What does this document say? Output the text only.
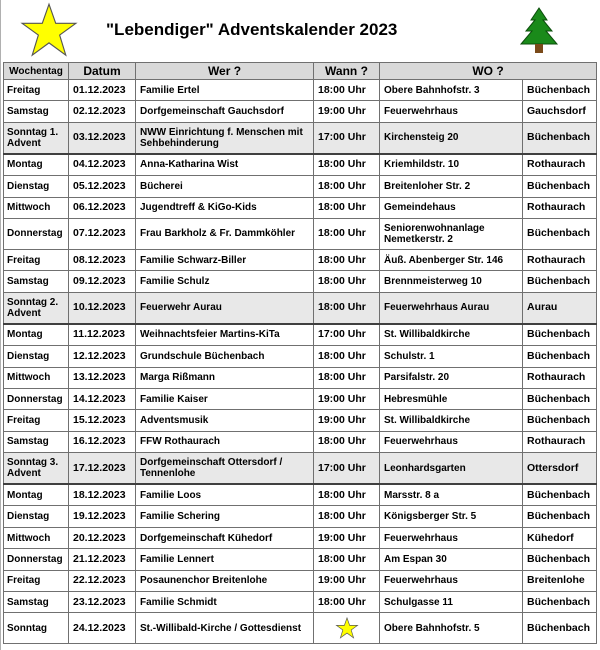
"Lebendiger" Adventskalender 2023
Wochentag	Datum	Wer ?	Wann ?	WO ?	
Freitag	01.12.2023	Familie Ertel	18:00 Uhr	Obere Bahnhofstr. 3	Büchenbach
Samstag	02.12.2023	Dorfgemeinschaft Gauchsdorf	19:00 Uhr	Feuerwehrhaus	Gauchsdorf
Sonntag 1. Advent	03.12.2023	NWW Einrichtung f. Menschen mit Sehbehinderung	17:00 Uhr	Kirchensteig 20	Büchenbach
Montag	04.12.2023	Anna-Katharina Wist	18:00 Uhr	Kriemhildstr. 10	Rothaurach
Dienstag	05.12.2023	Bücherei	18:00 Uhr	Breitenloher Str. 2	Büchenbach
Mittwoch	06.12.2023	Jugendtreff & KiGo-Kids	18:00 Uhr	Gemeindehaus	Rothaurach
Donnerstag	07.12.2023	Frau Barkholz & Fr. Dammköhler	18:00 Uhr	Seniorenwohnanlage Nemetkerstr. 2	Büchenbach
Freitag	08.12.2023	Familie Schwarz-Biller	18:00 Uhr	Äuß. Abenberger Str. 146	Rothaurach
Samstag	09.12.2023	Familie Schulz	18:00 Uhr	Brennmeisterweg 10	Büchenbach
Sonntag 2. Advent	10.12.2023	Feuerwehr Aurau	18:00 Uhr	Feuerwehrhaus Aurau	Aurau
Montag	11.12.2023	Weihnachtsfeier Martins-KiTa	17:00 Uhr	St. Willibaldkirche	Büchenbach
Dienstag	12.12.2023	Grundschule Büchenbach	18:00 Uhr	Schulstr. 1	Büchenbach
Mittwoch	13.12.2023	Marga Rißmann	18:00 Uhr	Parsifalstr. 20	Rothaurach
Donnerstag	14.12.2023	Familie Kaiser	19:00 Uhr	Hebresmühle	Büchenbach
Freitag	15.12.2023	Adventsmusik	19:00 Uhr	St. Willibaldkirche	Büchenbach
Samstag	16.12.2023	FFW Rothaurach	18:00 Uhr	Feuerwehrhaus	Rothaurach
Sonntag 3. Advent	17.12.2023	Dorfgemeinschaft Ottersdorf / Tennenlohe	17:00 Uhr	Leonhardsgarten	Ottersdorf
Montag	18.12.2023	Familie Loos	18:00 Uhr	Marsstr. 8 a	Büchenbach
Dienstag	19.12.2023	Familie Schering	18:00 Uhr	Königsberger Str. 5	Büchenbach
Mittwoch	20.12.2023	Dorfgemeinschaft Kühedorf	19:00 Uhr	Feuerwehrhaus	Kühedorf
Donnerstag	21.12.2023	Familie Lennert	18:00 Uhr	Am Espan 30	Büchenbach
Freitag	22.12.2023	Posaunenchor Breitenlohe	19:00 Uhr	Feuerwehrhaus	Breitenlohe
Samstag	23.12.2023	Familie Schmidt	18:00 Uhr	Schulgasse 11	Büchenbach
Sonntag	24.12.2023	St.-Willibald-Kirche / Gottesdienst		Obere Bahnhofstr. 5	Büchenbach
